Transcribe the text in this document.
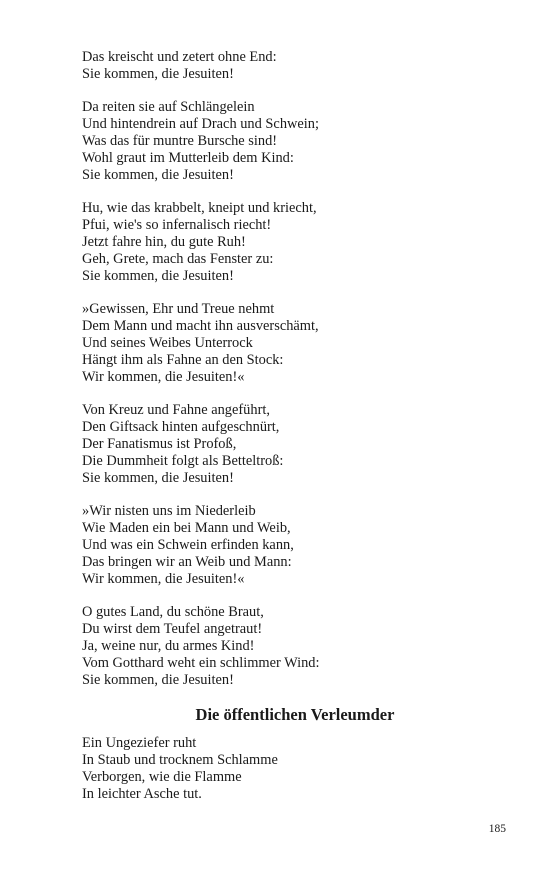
Das kreischt und zetert ohne End:
Sie kommen, die Jesuiten!
Da reiten sie auf Schlängelein
Und hintendrein auf Drach und Schwein;
Was das für muntre Bursche sind!
Wohl graut im Mutterleib dem Kind:
Sie kommen, die Jesuiten!
Hu, wie das krabbelt, kneipt und kriecht,
Pfui, wie's so infernalisch riecht!
Jetzt fahre hin, du gute Ruh!
Geh, Grete, mach das Fenster zu:
Sie kommen, die Jesuiten!
»Gewissen, Ehr und Treue nehmt
Dem Mann und macht ihn ausverschämt,
Und seines Weibes Unterrock
Hängt ihm als Fahne an den Stock:
Wir kommen, die Jesuiten!«
Von Kreuz und Fahne angeführt,
Den Giftsack hinten aufgeschnürt,
Der Fanatismus ist Profoß,
Die Dummheit folgt als Betteltroß:
Sie kommen, die Jesuiten!
»Wir nisten uns im Niederleib
Wie Maden ein bei Mann und Weib,
Und was ein Schwein erfinden kann,
Das bringen wir an Weib und Mann:
Wir kommen, die Jesuiten!«
O gutes Land, du schöne Braut,
Du wirst dem Teufel angetraut!
Ja, weine nur, du armes Kind!
Vom Gotthard weht ein schlimmer Wind:
Sie kommen, die Jesuiten!
Die öffentlichen Verleumder
Ein Ungeziefer ruht
In Staub und trocknem Schlamme
Verborgen, wie die Flamme
In leichter Asche tut.
185
